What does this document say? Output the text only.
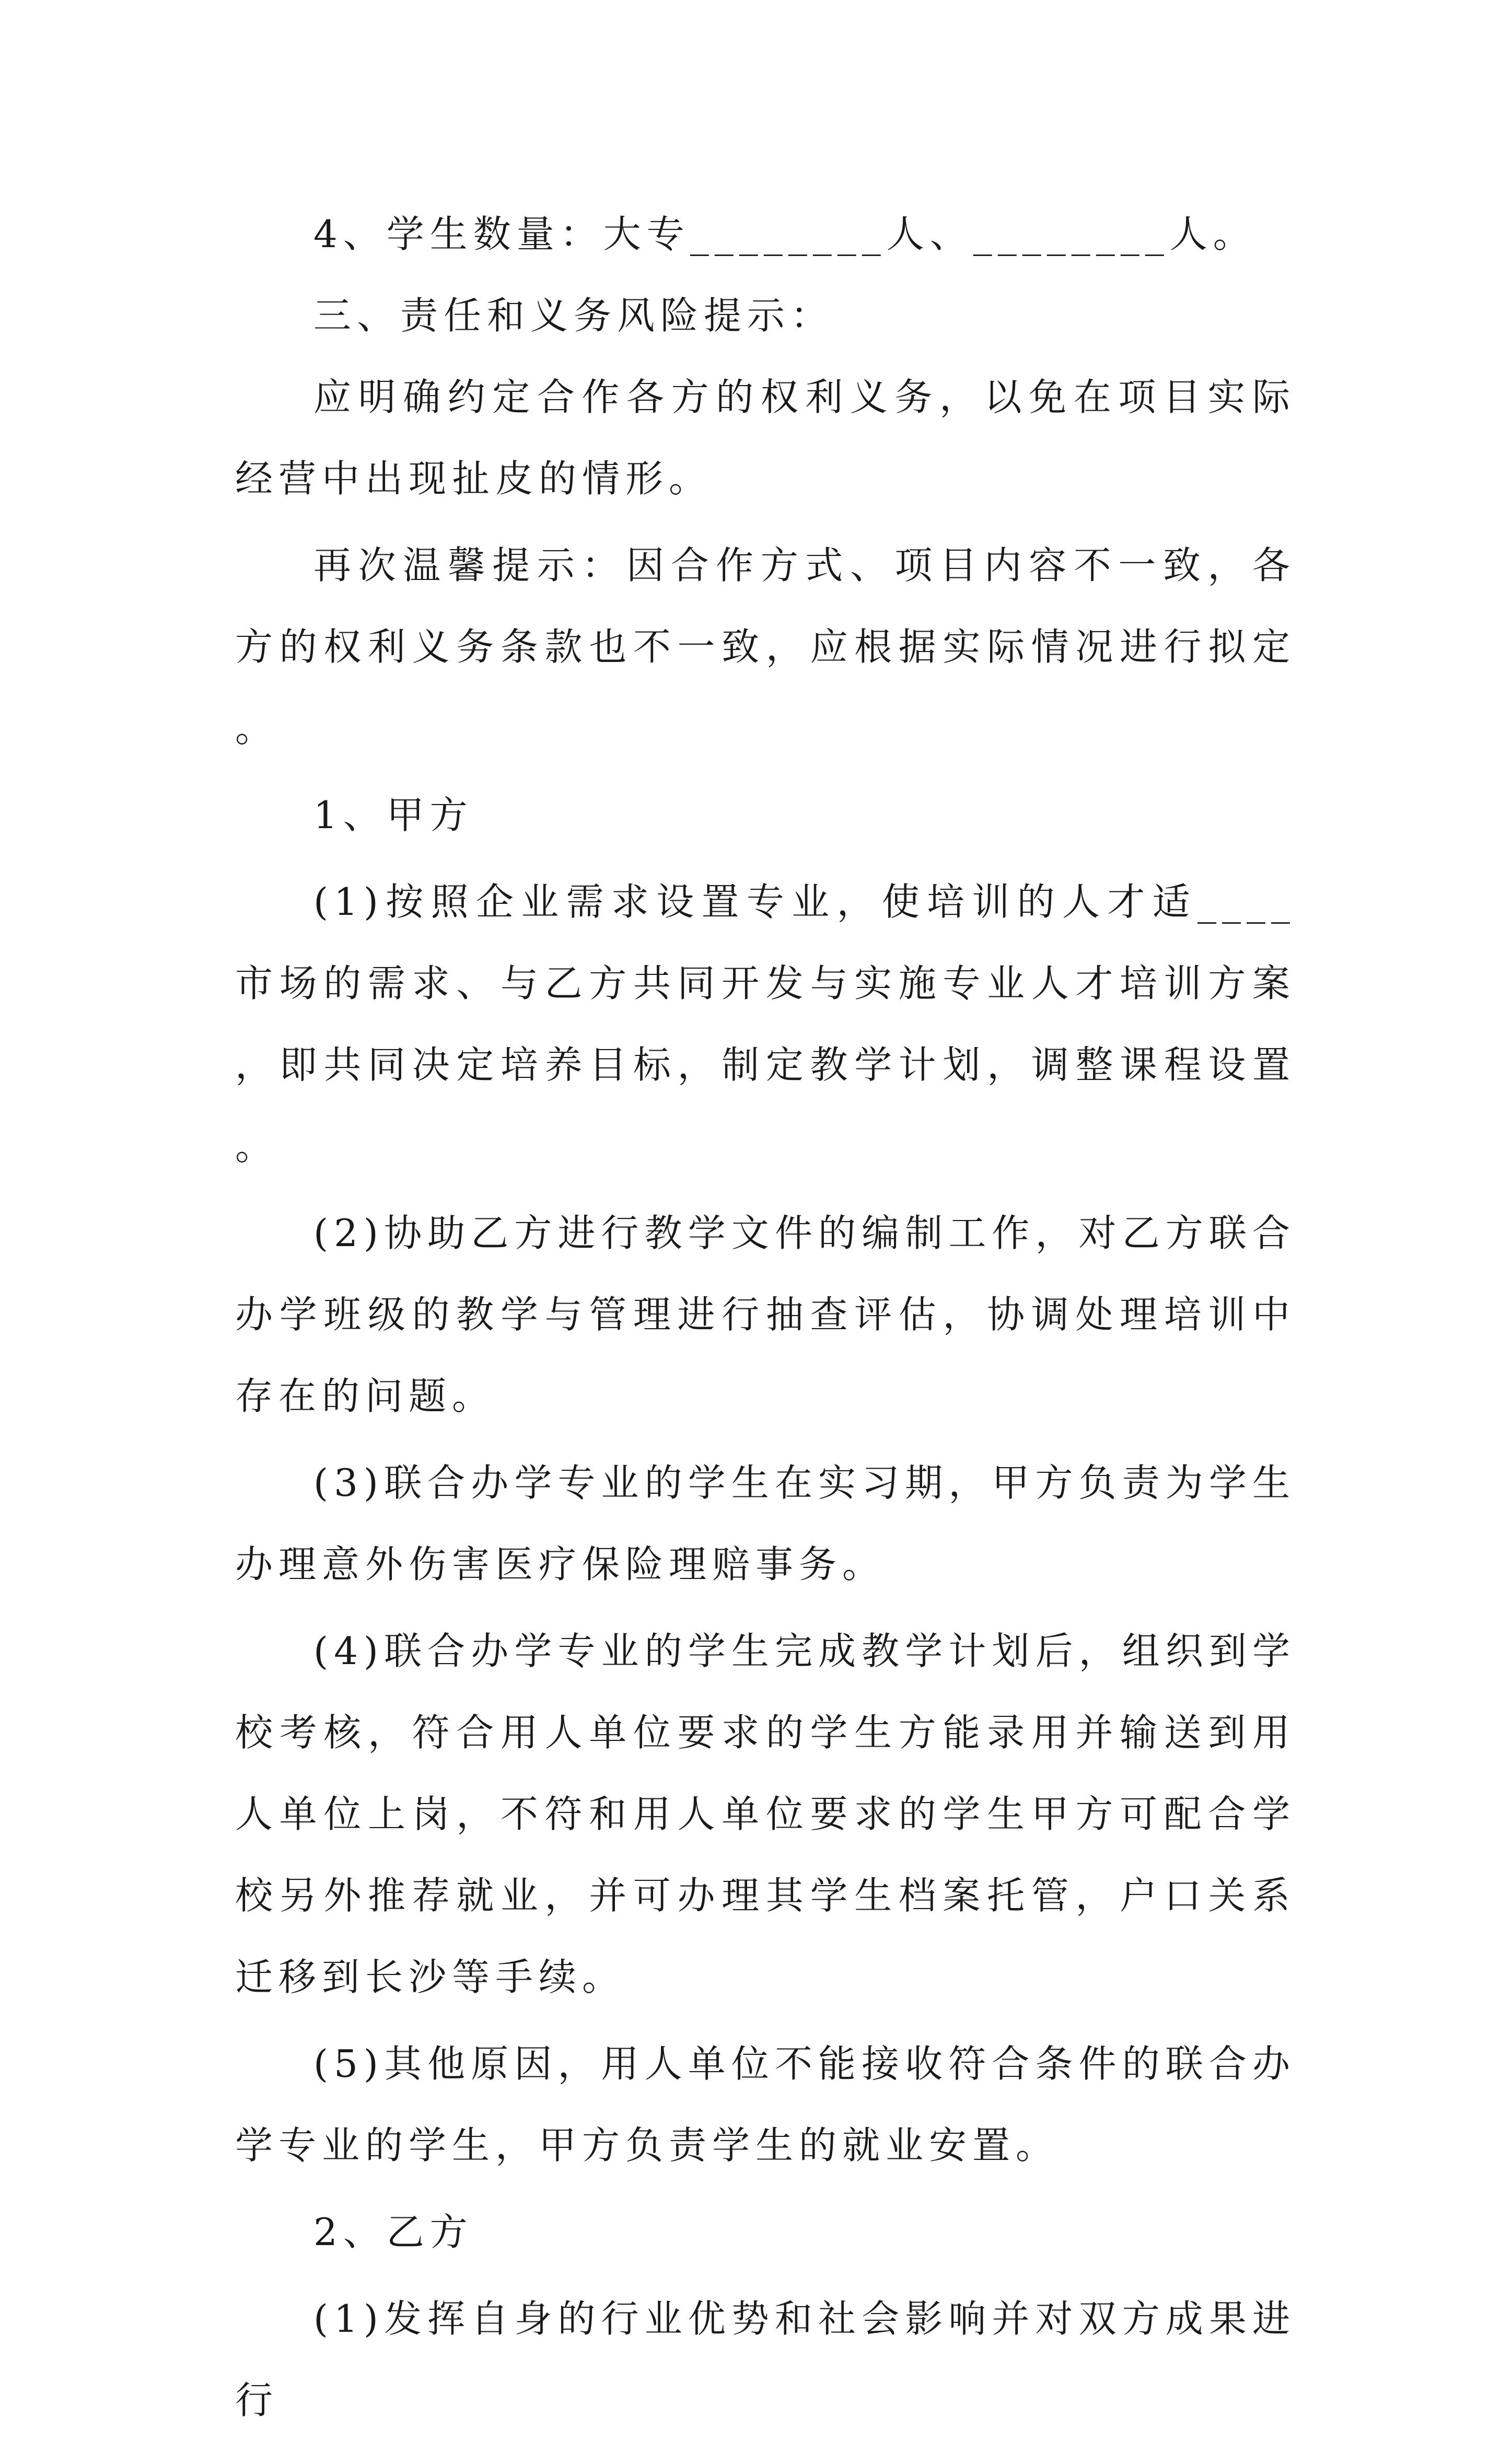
4、学生数量：大专________人、________人。

三、责任和义务风险提示：

应明确约定合作各方的权利义务，以免在项目实际经营中出现扯皮的情形。

再次温馨提示：因合作方式、项目内容不一致，各方的权利义务条款也不一致，应根据实际情况进行拟定。

1、甲方

(1)按照企业需求设置专业，使培训的人才适____市场的需求、与乙方共同开发与实施专业人才培训方案，即共同决定培养目标，制定教学计划，调整课程设置。

(2)协助乙方进行教学文件的编制工作，对乙方联合办学班级的教学与管理进行抽查评估，协调处理培训中存在的问题。

(3)联合办学专业的学生在实习期，甲方负责为学生办理意外伤害医疗保险理赔事务。

(4)联合办学专业的学生完成教学计划后，组织到学校考核，符合用人单位要求的学生方能录用并输送到用人单位上岗，不符和用人单位要求的学生甲方可配合学校另外推荐就业，并可办理其学生档案托管，户口关系迁移到长沙等手续。

(5)其他原因，用人单位不能接收符合条件的联合办学专业的学生，甲方负责学生的就业安置。

2、乙方

(1)发挥自身的行业优势和社会影响并对双方成果进行
